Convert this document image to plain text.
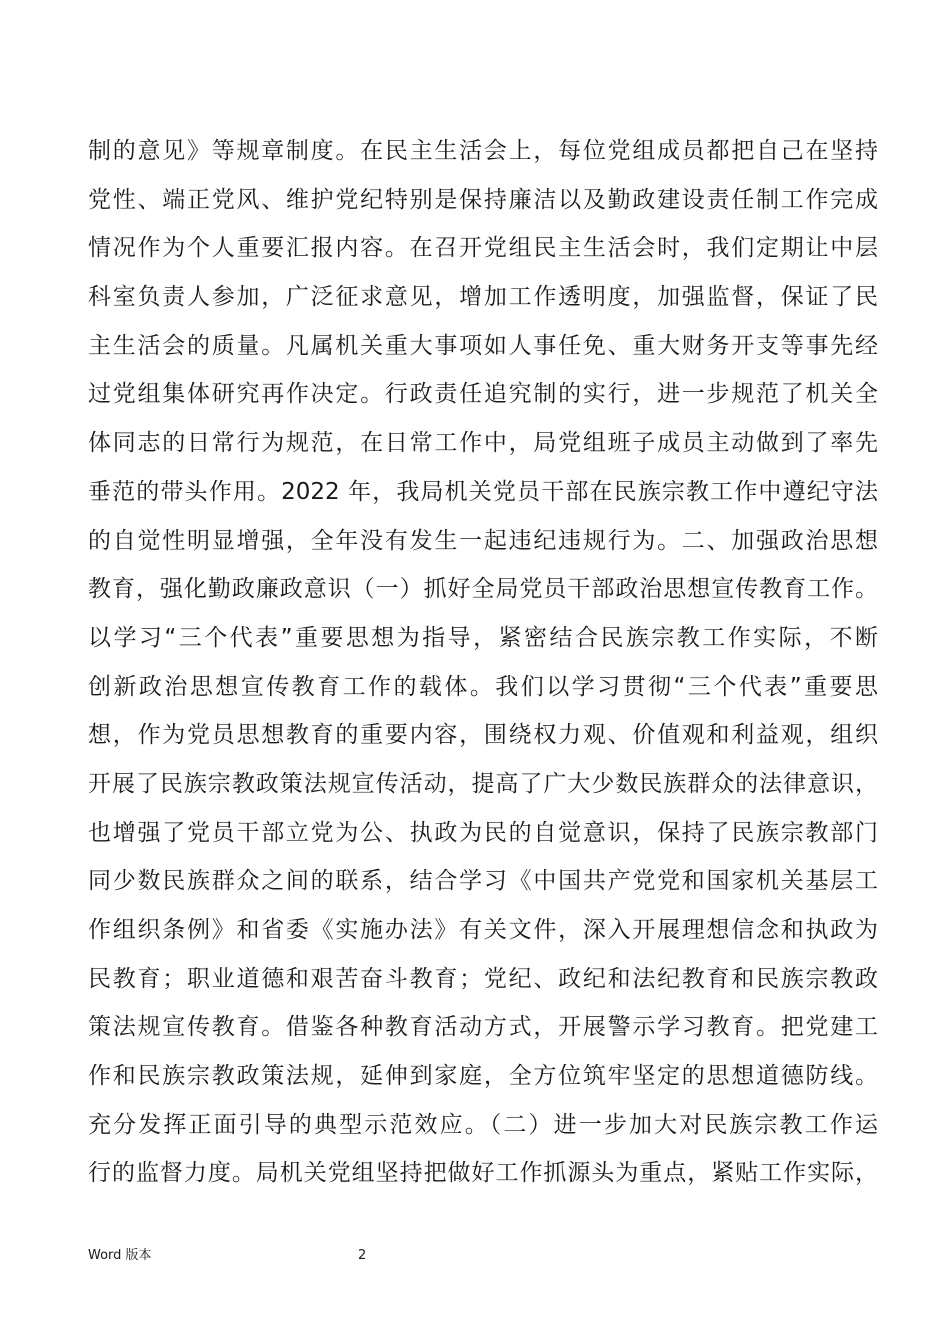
制的意见》等规章制度。在民主生活会上，每位党组成员都把自己在坚持
党性、端正党风、维护党纪特别是保持廉洁以及勤政建设责任制工作完成
情况作为个人重要汇报内容。在召开党组民主生活会时，我们定期让中层
科室负责人参加，广泛征求意见，增加工作透明度，加强监督，保证了民
主生活会的质量。凡属机关重大事项如人事任免、重大财务开支等事先经
过党组集体研究再作决定。行政责任追究制的实行，进一步规范了机关全
体同志的日常行为规范，在日常工作中，局党组班子成员主动做到了率先
垂范的带头作用。2022 年，我局机关党员干部在民族宗教工作中遵纪守法
的自觉性明显增强，全年没有发生一起违纪违规行为。二、加强政治思想
教育，强化勤政廉政意识（一）抓好全局党员干部政治思想宣传教育工作。
以学习“三个代表”重要思想为指导，紧密结合民族宗教工作实际，不断
创新政治思想宣传教育工作的载体。我们以学习贯彻“三个代表”重要思
想，作为党员思想教育的重要内容，围绕权力观、价值观和利益观，组织
开展了民族宗教政策法规宣传活动，提高了广大少数民族群众的法律意识，
也增强了党员干部立党为公、执政为民的自觉意识，保持了民族宗教部门
同少数民族群众之间的联系，结合学习《中国共产党党和国家机关基层工
作组织条例》和省委《实施办法》有关文件，深入开展理想信念和执政为
民教育；职业道德和艰苦奋斗教育；党纪、政纪和法纪教育和民族宗教政
策法规宣传教育。借鉴各种教育活动方式，开展警示学习教育。把党建工
作和民族宗教政策法规，延伸到家庭，全方位筑牢坚定的思想道德防线。
充分发挥正面引导的典型示范效应。（二）进一步加大对民族宗教工作运
行的监督力度。局机关党组坚持把做好工作抓源头为重点，紧贴工作实际，
Word 版本	2
